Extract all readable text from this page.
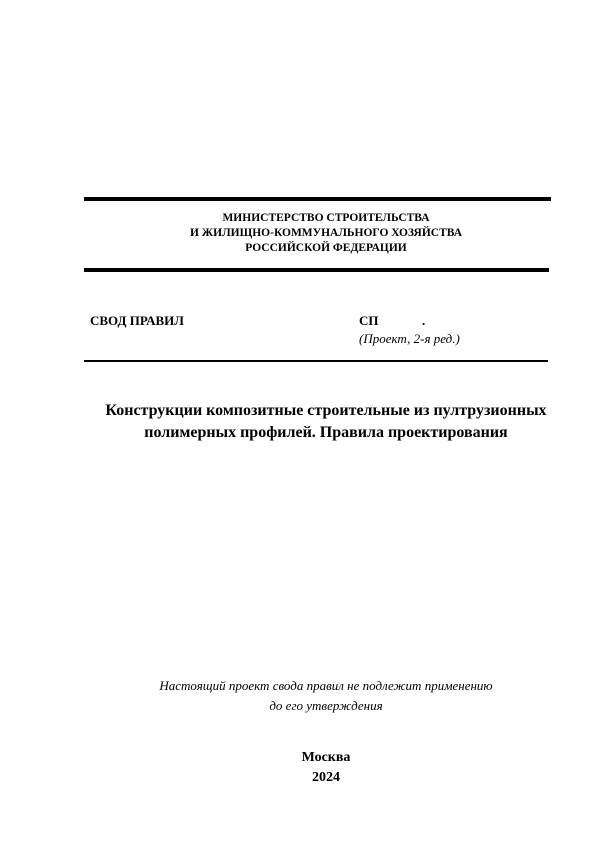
МИНИСТЕРСТВО СТРОИТЕЛЬСТВА
И ЖИЛИЩНО-КОММУНАЛЬНОГО ХОЗЯЙСТВА
РОССИЙСКОЙ ФЕДЕРАЦИИ
СВОД ПРАВИЛ	СП	.
(Проект, 2-я ред.)
Конструкции композитные строительные из пултрузионных
полимерных профилей. Правила проектирования
Настоящий проект свода правил не подлежит применению
до его утверждения
Москва
2024
